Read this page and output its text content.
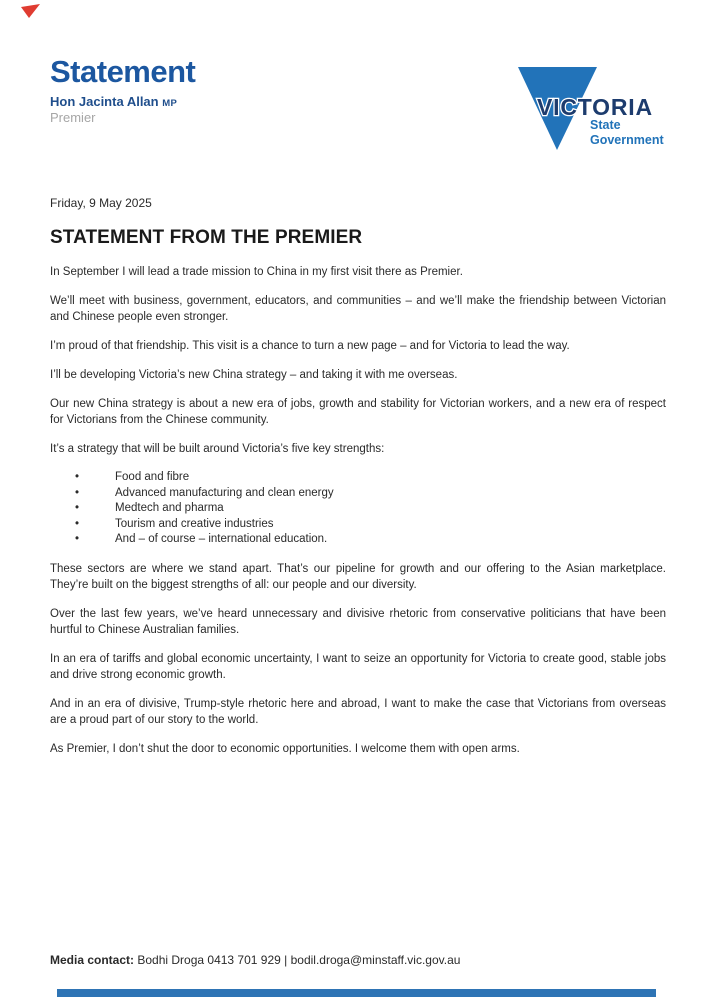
Statement
Hon Jacinta Allan MP
Premier	VICTORIA
State
Government

Friday, 9 May 2025

STATEMENT FROM THE PREMIER

In September I will lead a trade mission to China in my first visit there as Premier.

We’ll meet with business, government, educators, and communities – and we’ll make the friendship between Victorian and Chinese people even stronger.

I’m proud of that friendship. This visit is a chance to turn a new page – and for Victoria to lead the way.

I’ll be developing Victoria’s new China strategy – and taking it with me overseas.

Our new China strategy is about a new era of jobs, growth and stability for Victorian workers, and a new era of respect for Victorians from the Chinese community.

It’s a strategy that will be built around Victoria’s five key strengths:

• Food and fibre
• Advanced manufacturing and clean energy
• Medtech and pharma
• Tourism and creative industries
• And – of course – international education.

These sectors are where we stand apart. That’s our pipeline for growth and our offering to the Asian marketplace. They’re built on the biggest strengths of all: our people and our diversity.

Over the last few years, we’ve heard unnecessary and divisive rhetoric from conservative politicians that have been hurtful to Chinese Australian families.

In an era of tariffs and global economic uncertainty, I want to seize an opportunity for Victoria to create good, stable jobs and drive strong economic growth.

And in an era of divisive, Trump-style rhetoric here and abroad, I want to make the case that Victorians from overseas are a proud part of our story to the world.

As Premier, I don’t shut the door to economic opportunities. I welcome them with open arms.

Media contact: Bodhi Droga 0413 701 929 | bodil.droga@minstaff.vic.gov.au
